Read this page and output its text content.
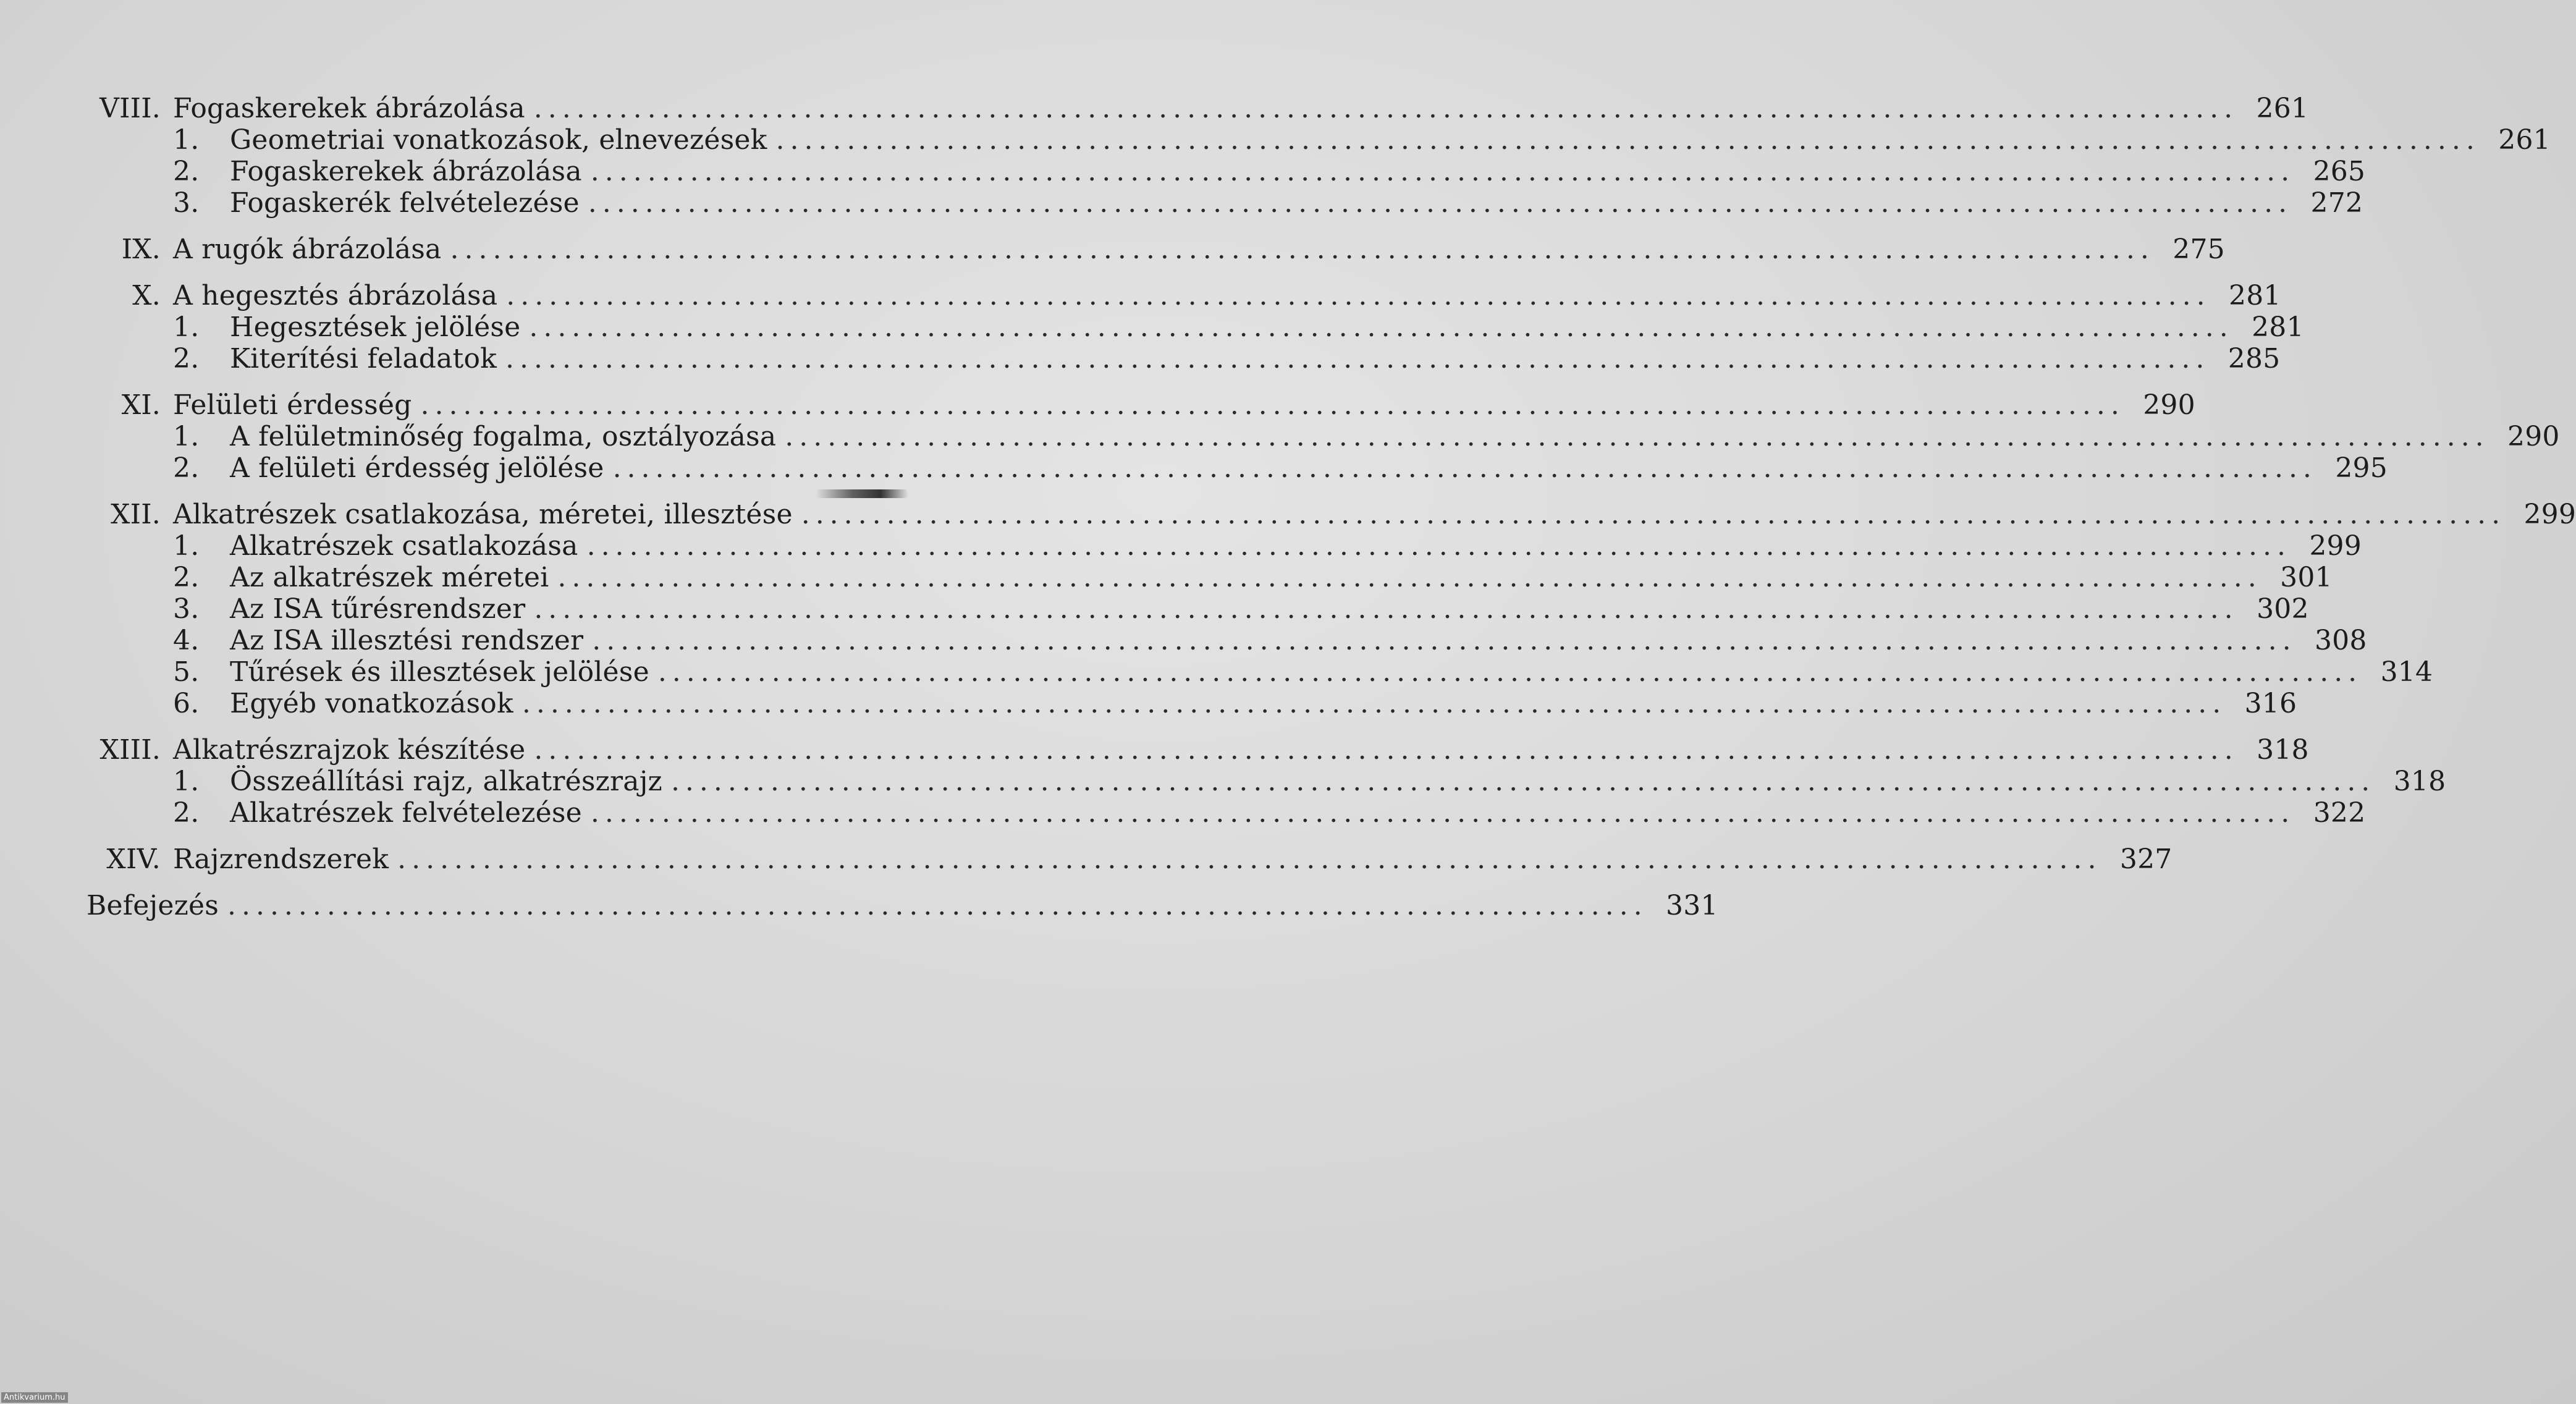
VIII. Fogaskerekek ábrázolása ........................................................................................................................ 261
1.	Geometriai vonatkozások, elnevezések ........................................................................................................................ 261
2.	Fogaskerekek ábrázolása ........................................................................................................................ 265
3.	Fogaskerék felvételezése ........................................................................................................................ 272
IX. A rugók ábrázolása ........................................................................................................................ 275
X. A hegesztés ábrázolása ........................................................................................................................ 281
1.	Hegesztések jelölése ........................................................................................................................ 281
2.	Kiterítési feladatok ........................................................................................................................ 285
XI. Felületi érdesség ........................................................................................................................ 290
1.	A felületminőség fogalma, osztályozása ........................................................................................................................ 290
2.	A felületi érdesség jelölése ........................................................................................................................ 295
XII. Alkatrészek csatlakozása, méretei, illesztése ........................................................................................................................ 299
1.	Alkatrészek csatlakozása ........................................................................................................................ 299
2.	Az alkatrészek méretei ........................................................................................................................ 301
3.	Az ISA tűrésrendszer ........................................................................................................................ 302
4.	Az ISA illesztési rendszer ........................................................................................................................ 308
5.	Tűrések és illesztések jelölése ........................................................................................................................ 314
6.	Egyéb vonatkozások ........................................................................................................................ 316
XIII. Alkatrészrajzok készítése ........................................................................................................................ 318
1.	Összeállítási rajz, alkatrészrajz ........................................................................................................................ 318
2.	Alkatrészek felvételezése ........................................................................................................................ 322
XIV. Rajzrendszerek ........................................................................................................................ 327
Befejezés .................................................................................................... 331
Antikvarium.hu
